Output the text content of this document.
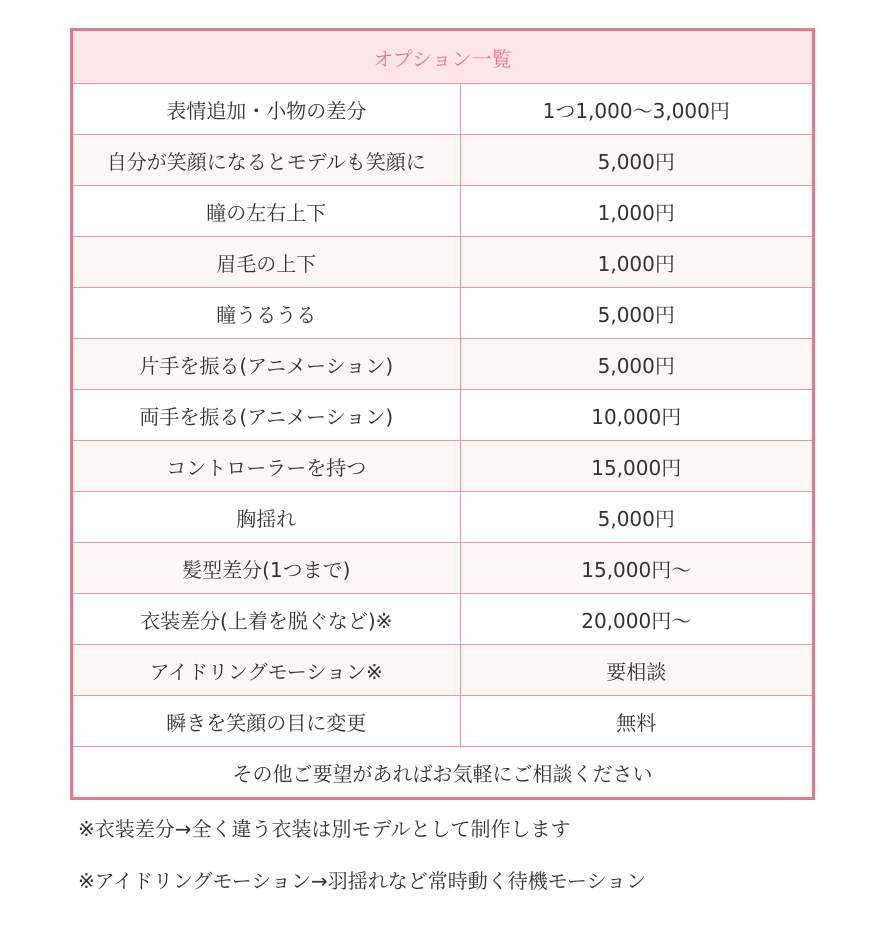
オプション一覧	
表情追加・小物の差分	1つ1,000〜3,000円
自分が笑顔になるとモデルも笑顔に	5,000円
瞳の左右上下	1,000円
眉毛の上下	1,000円
瞳うるうる	5,000円
片手を振る(アニメーション)	5,000円
両手を振る(アニメーション)	10,000円
コントローラーを持つ	15,000円
胸揺れ	5,000円
髪型差分(1つまで)	15,000円〜
衣装差分(上着を脱ぐなど)※	20,000円〜
アイドリングモーション※	要相談
瞬きを笑顔の目に変更	無料
その他ご要望があればお気軽にご相談ください	
※衣装差分→全く違う衣装は別モデルとして制作します
※アイドリングモーション→羽揺れなど常時動く待機モーション
